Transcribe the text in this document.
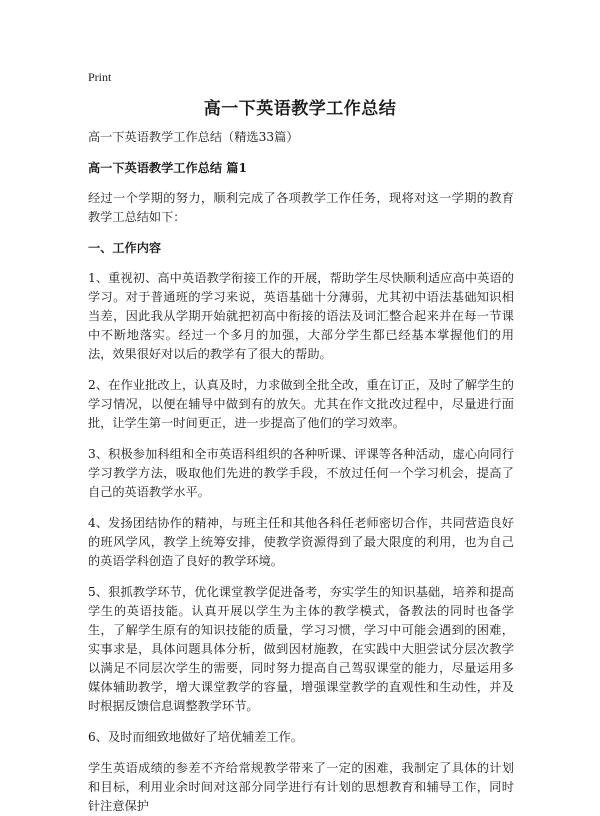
Print
高一下英语教学工作总结

高一下英语教学工作总结（精选33篇）

高一下英语教学工作总结 篇1

经过一个学期的努力，顺利完成了各项教学工作任务，现将对这一学期的教育教学工总结如下：

一、工作内容

1、重视初、高中英语教学衔接工作的开展，帮助学生尽快顺利适应高中英语的学习。对于普通班的学习来说，英语基础十分薄弱，尤其初中语法基础知识相当差，因此我从学期开始就把初高中衔接的语法及词汇整合起来并在每一节课中不断地落实。经过一个多月的加强，大部分学生都已经基本掌握他们的用法，效果很好对以后的教学有了很大的帮助。

2、在作业批改上，认真及时，力求做到全批全改，重在订正，及时了解学生的学习情况，以便在辅导中做到有的放矢。尤其在作文批改过程中，尽量进行面批，让学生第一时间更正，进一步提高了他们的学习效率。

3、积极参加科组和全市英语科组织的各种听课、评课等各种活动，虚心向同行学习教学方法，吸取他们先进的教学手段，不放过任何一个学习机会，提高了自己的英语教学水平。

4、发扬团结协作的精神，与班主任和其他各科任老师密切合作，共同营造良好的班风学风，教学上统筹安排，使教学资源得到了最大限度的利用，也为自己的英语学科创造了良好的教学环境。

5、狠抓教学环节，优化课堂教学促进备考，夯实学生的知识基础，培养和提高学生的英语技能。认真开展以学生为主体的教学模式，备教法的同时也备学生，了解学生原有的知识技能的质量，学习习惯，学习中可能会遇到的困难，实事求是，具体问题具体分析，做到因材施教，在实践中大胆尝试分层次教学以满足不同层次学生的需要，同时努力提高自己驾驭课堂的能力，尽量运用多媒体辅助教学，增大课堂教学的容量，增强课堂教学的直观性和生动性，并及时根据反馈信息调整教学环节。

6、及时而细致地做好了培优辅差工作。

学生英语成绩的参差不齐给常规教学带来了一定的困难，我制定了具体的计划和目标，利用业余时间对这部分同学进行有计划的思想教育和辅导工作，同时针注意保护
